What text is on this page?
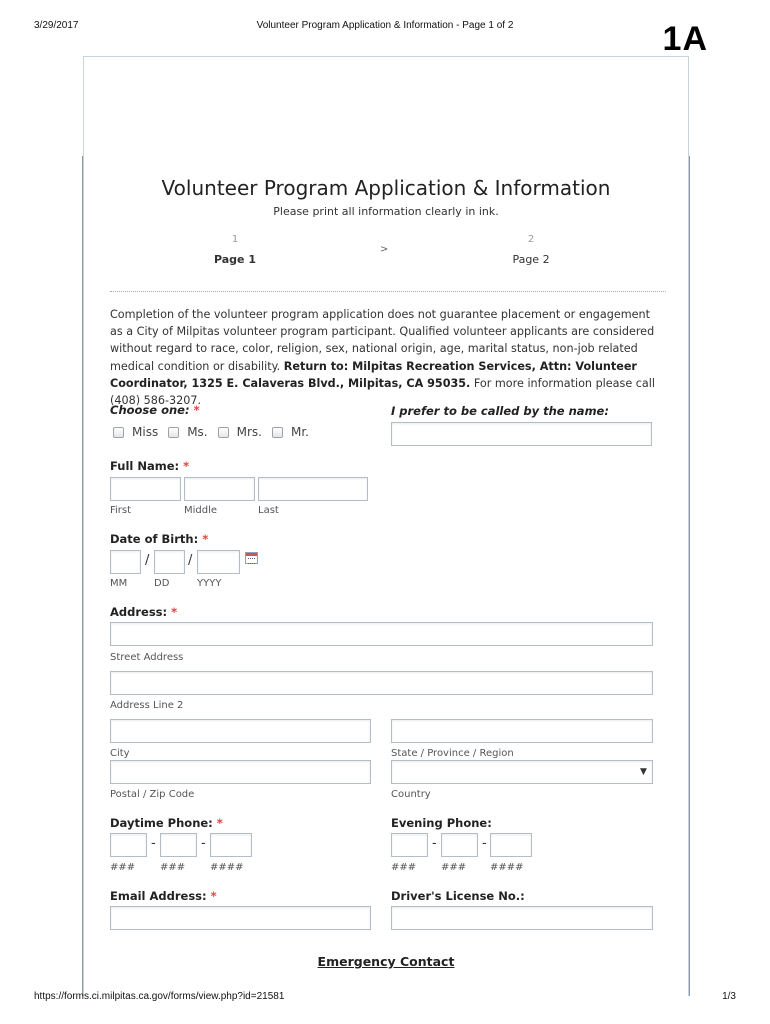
3/29/2017	Volunteer Program Application & Information - Page 1 of 2	1A
Volunteer Program Application & Information
Please print all information clearly in ink.
1
Page 1
>
2
Page 2
Completion of the volunteer program application does not guarantee placement or engagement as a City of Milpitas volunteer program participant. Qualified volunteer applicants are considered without regard to race, color, religion, sex, national origin, age, marital status, non-job related medical condition or disability. Return to: Milpitas Recreation Services, Attn: Volunteer Coordinator, 1325 E. Calaveras Blvd., Milpitas, CA 95035. For more information please call (408) 586-3207.
Choose one: *
Miss Ms. Mrs. Mr.
I prefer to be called by the name:
Full Name: *
First	Middle	Last
Date of Birth: *
/	/
MM	DD	YYYY
Address: *
Street Address
Address Line 2
City	State / Province / Region
▼
Postal / Zip Code	Country
Daytime Phone: *
-	-
### ### ####
Evening Phone:
-	-
### ### ####
Email Address: *	Driver's License No.:
Emergency Contact
https://forms.ci.milpitas.ca.gov/forms/view.php?id=21581	1/3
